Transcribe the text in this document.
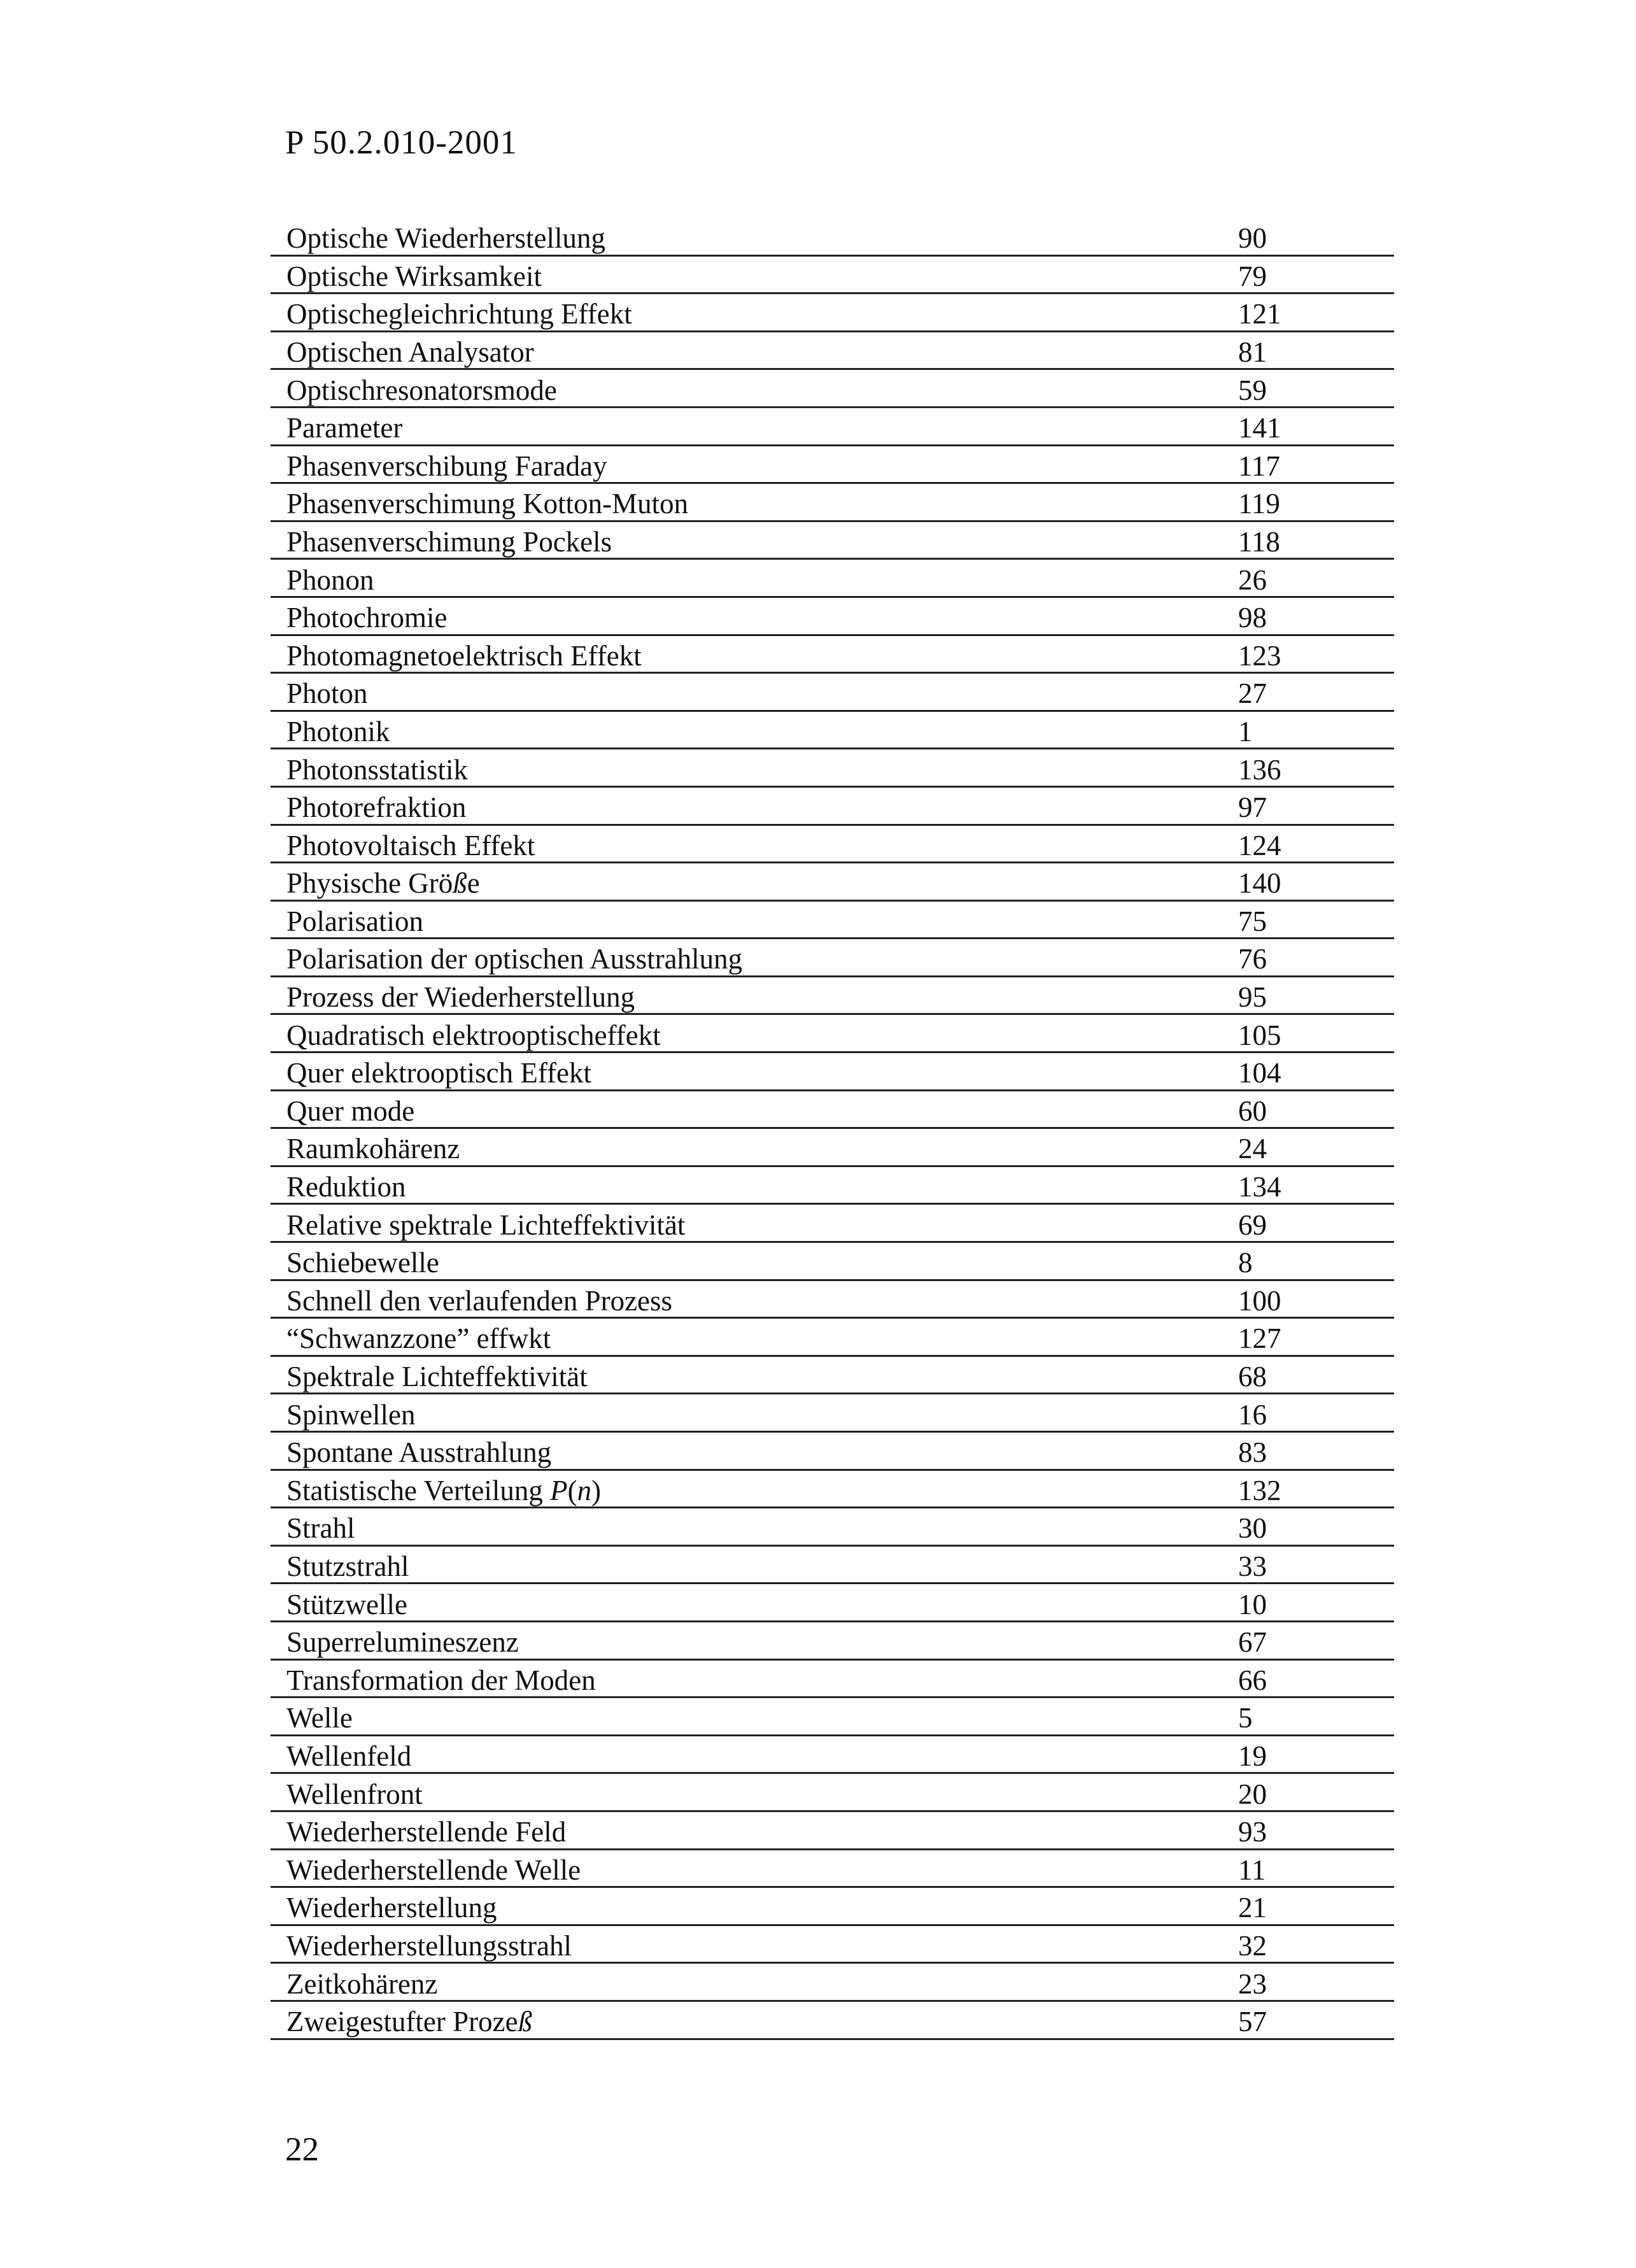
P 50.2.010-2001
Optische Wiederherstellung	90
Optische Wirksamkeit	79
Optischegleichrichtung Effekt	121
Optischen Analysator	81
Optischresonatorsmode	59
Parameter	141
Phasenverschibung Faraday	117
Phasenverschimung Kotton-Muton	119
Phasenverschimung Pockels	118
Phonon	26
Photochromie	98
Photomagnetoelektrisch Effekt	123
Photon	27
Photonik	1
Photonsstatistik	136
Photorefraktion	97
Photovoltaisch Effekt	124
Physische Größe	140
Polarisation	75
Polarisation der optischen Ausstrahlung	76
Prozess der Wiederherstellung	95
Quadratisch elektrooptischeffekt	105
Quer elektrooptisch Effekt	104
Quer mode	60
Raumkohärenz	24
Reduktion	134
Relative spektrale Lichteffektivität	69
Schiebewelle	8
Schnell den verlaufenden Prozess	100
“Schwanzzone” effwkt	127
Spektrale Lichteffektivität	68
Spinwellen	16
Spontane Ausstrahlung	83
Statistische Verteilung P(n)	132
Strahl	30
Stutzstrahl	33
Stützwelle	10
Superrelumineszenz	67
Transformation der Moden	66
Welle	5
Wellenfeld	19
Wellenfront	20
Wiederherstellende Feld	93
Wiederherstellende Welle	11
Wiederherstellung	21
Wiederherstellungsstrahl	32
Zeitkohärenz	23
Zweigestufter Prozeß	57
22
